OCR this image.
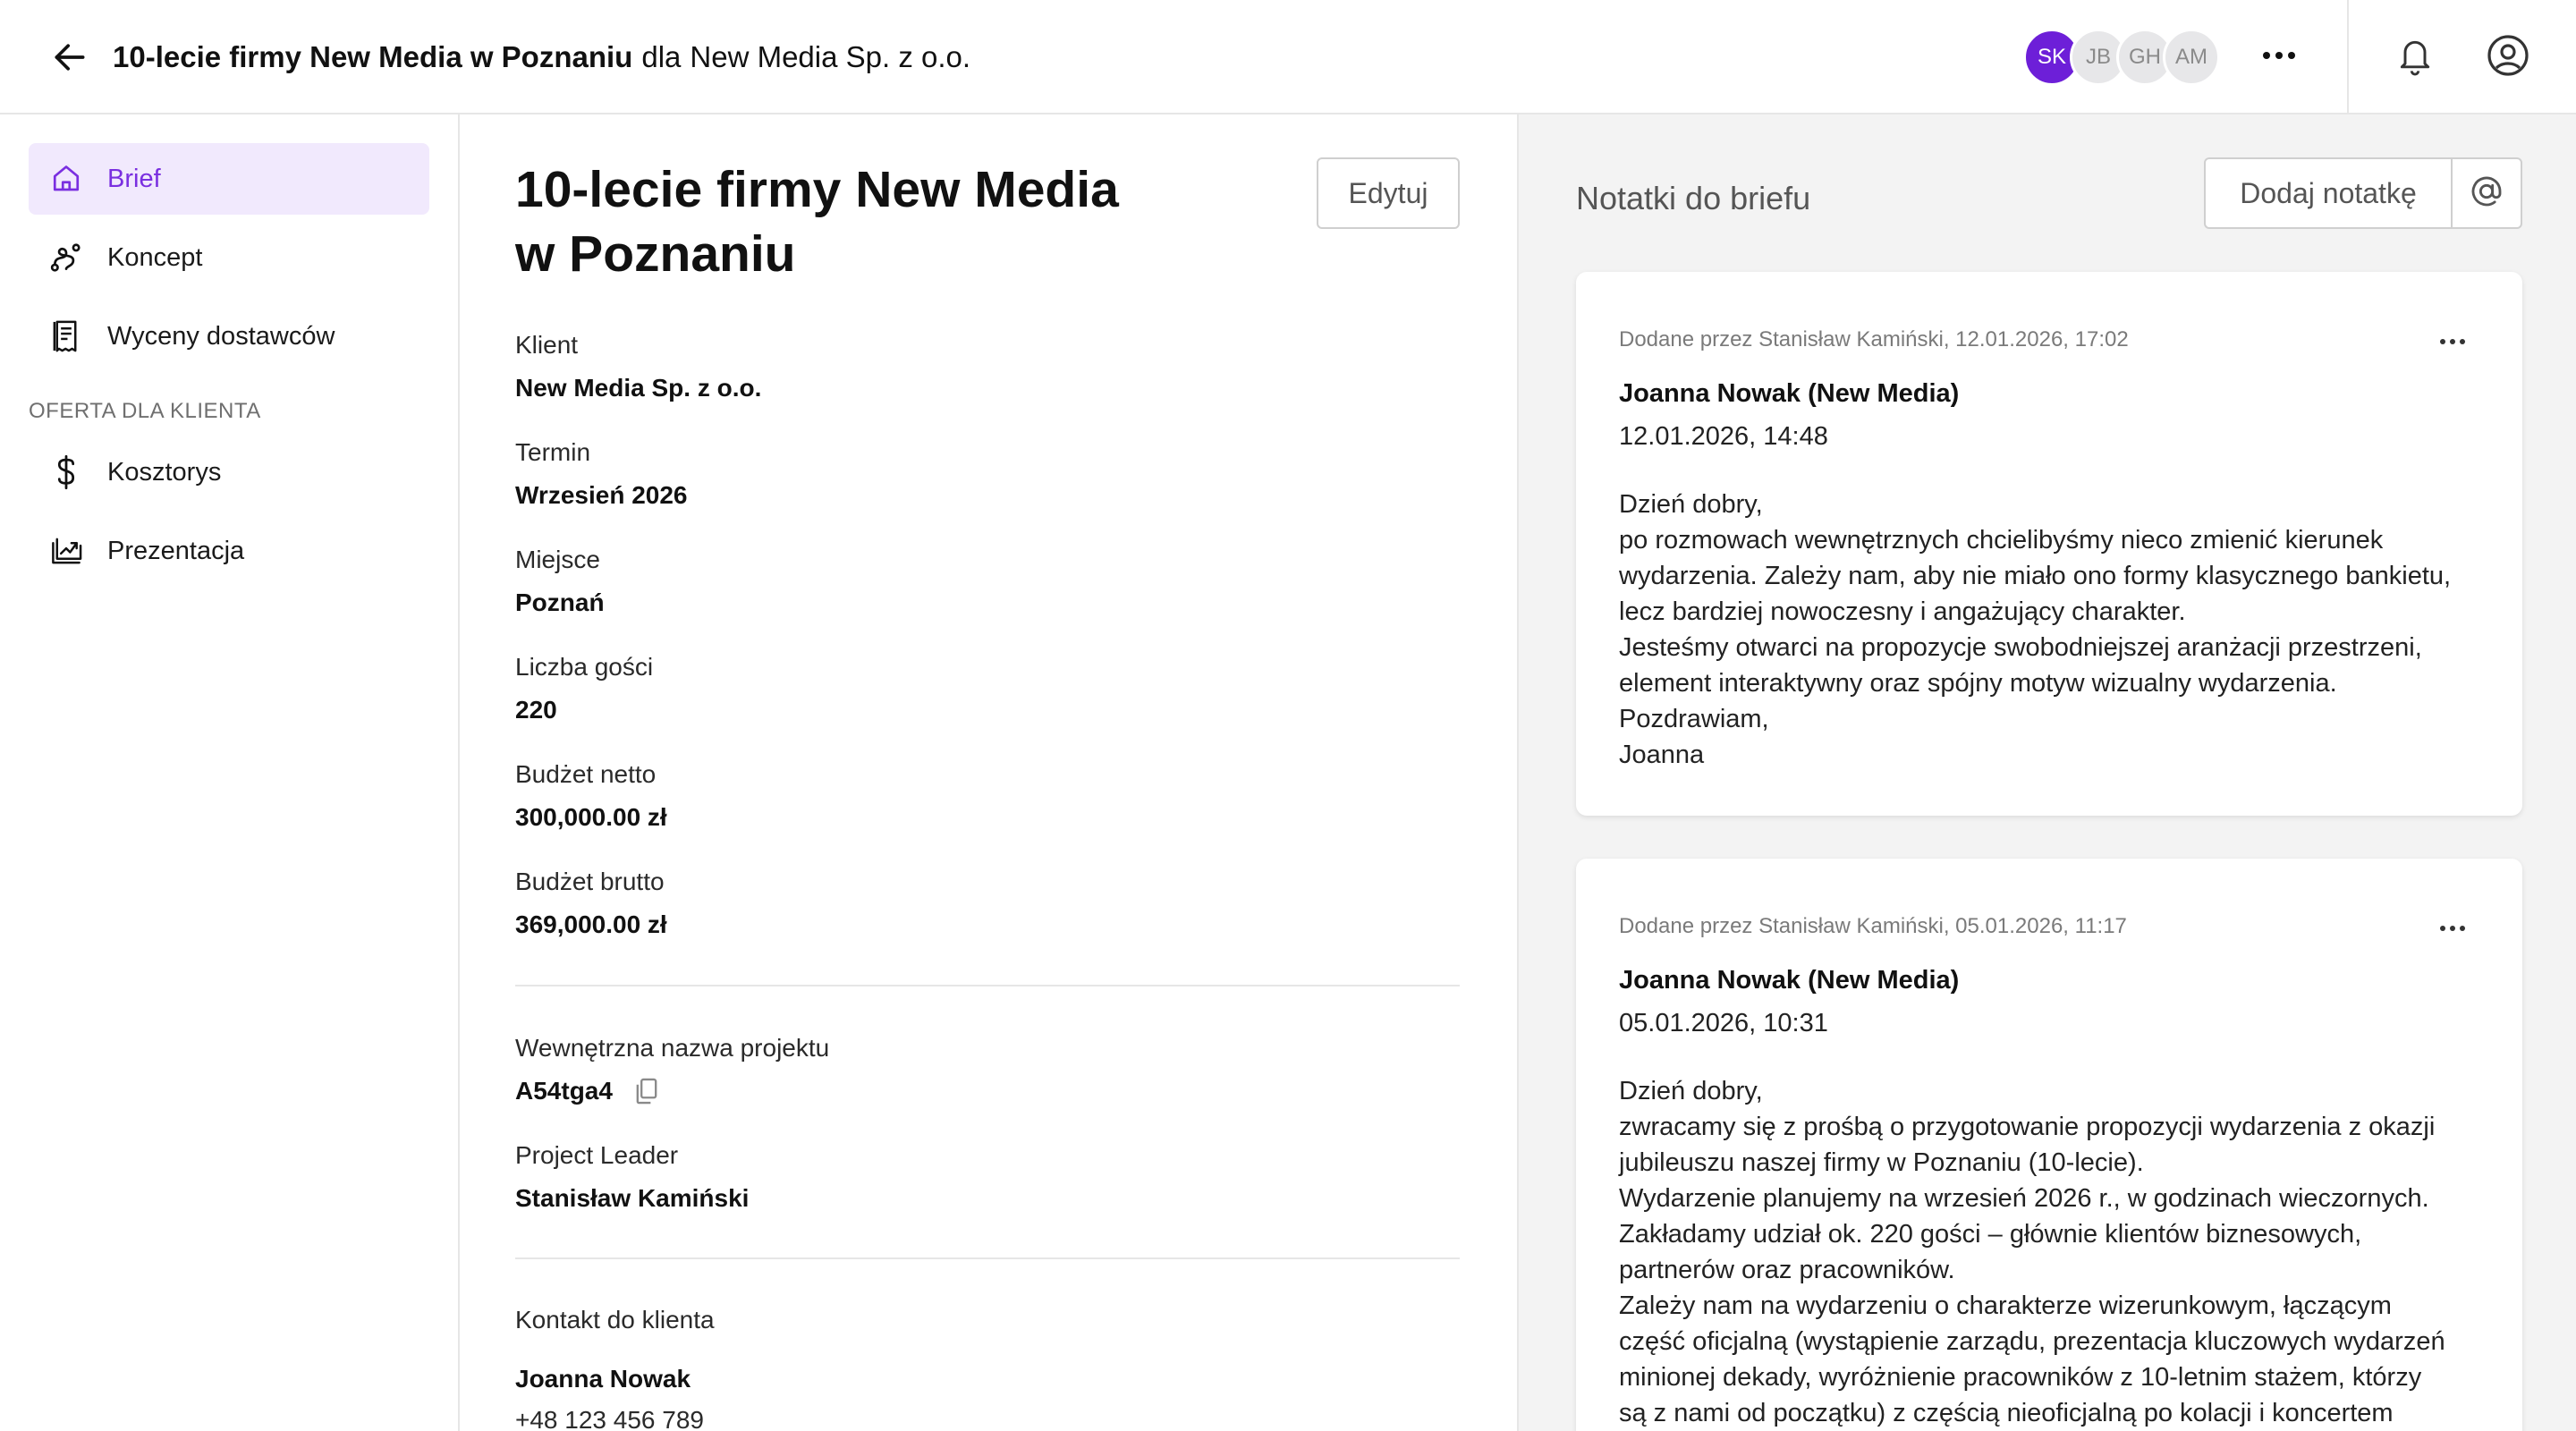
10-lecie firmy New Media w Poznaniu dla New Media Sp. z o.o.	SK JB GH AM
Brief
Koncept
Wyceny dostawców
OFERTA DLA KLIENTA
Kosztorys
Prezentacja
10-lecie firmy New Media
w Poznaniu
Edytuj
Klient
New Media Sp. z o.o.
Termin
Wrzesień 2026
Miejsce
Poznań
Liczba gości
220
Budżet netto
300,000.00 zł
Budżet brutto
369,000.00 zł
Wewnętrzna nazwa projektu
A54tga4
Project Leader
Stanisław Kamiński
Kontakt do klienta
Joanna Nowak
+48 123 456 789
Notatki do briefu	Dodaj notatkę
Dodane przez Stanisław Kamiński, 12.01.2026, 17:02
Joanna Nowak (New Media)
12.01.2026, 14:48
Dzień dobry,
po rozmowach wewnętrznych chcielibyśmy nieco zmienić kierunek
wydarzenia. Zależy nam, aby nie miało ono formy klasycznego bankietu,
lecz bardziej nowoczesny i angażujący charakter.
Jesteśmy otwarci na propozycje swobodniejszej aranżacji przestrzeni,
element interaktywny oraz spójny motyw wizualny wydarzenia.
Pozdrawiam,
Joanna
Dodane przez Stanisław Kamiński, 05.01.2026, 11:17
Joanna Nowak (New Media)
05.01.2026, 10:31
Dzień dobry,
zwracamy się z prośbą o przygotowanie propozycji wydarzenia z okazji
jubileuszu naszej firmy w Poznaniu (10-lecie).
Wydarzenie planujemy na wrzesień 2026 r., w godzinach wieczornych.
Zakładamy udział ok. 220 gości – głównie klientów biznesowych,
partnerów oraz pracowników.
Zależy nam na wydarzeniu o charakterze wizerunkowym, łączącym
część oficjalną (wystąpienie zarządu, prezentacja kluczowych wydarzeń
minionej dekady, wyróżnienie pracowników z 10-letnim stażem, którzy
są z nami od początku) z częścią nieoficjalną po kolacji i koncertem
